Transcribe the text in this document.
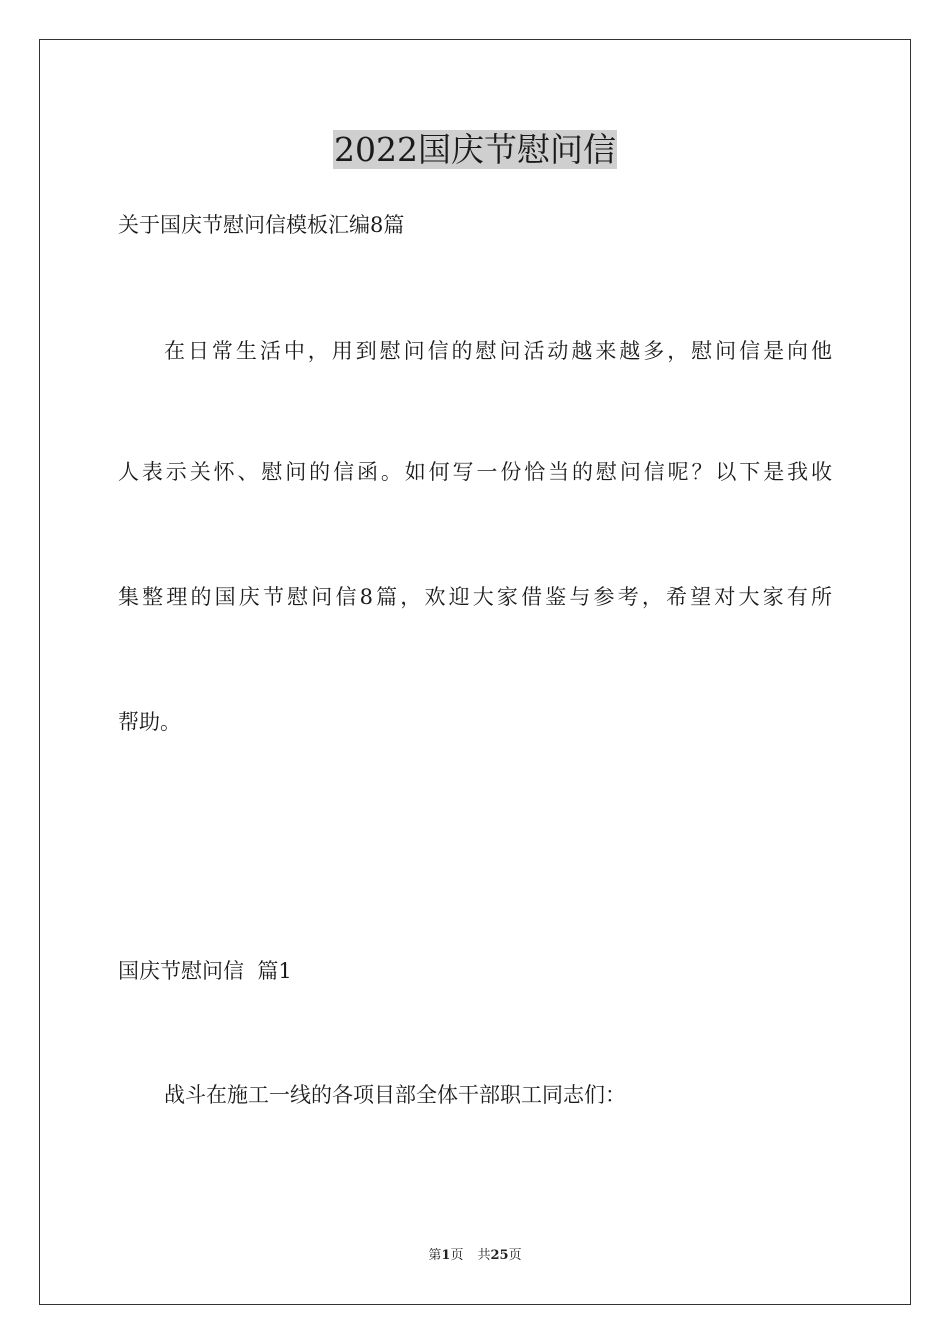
2022国庆节慰问信
关于国庆节慰问信模板汇编8篇
在日常生活中，用到慰问信的慰问活动越来越多，慰问信是向他
人表示关怀、慰问的信函。如何写一份恰当的慰问信呢？以下是我收
集整理的国庆节慰问信8篇，欢迎大家借鉴与参考，希望对大家有所
帮助。
国庆节慰问信  篇1
战斗在施工一线的各项目部全体干部职工同志们：
第1页 共25页
